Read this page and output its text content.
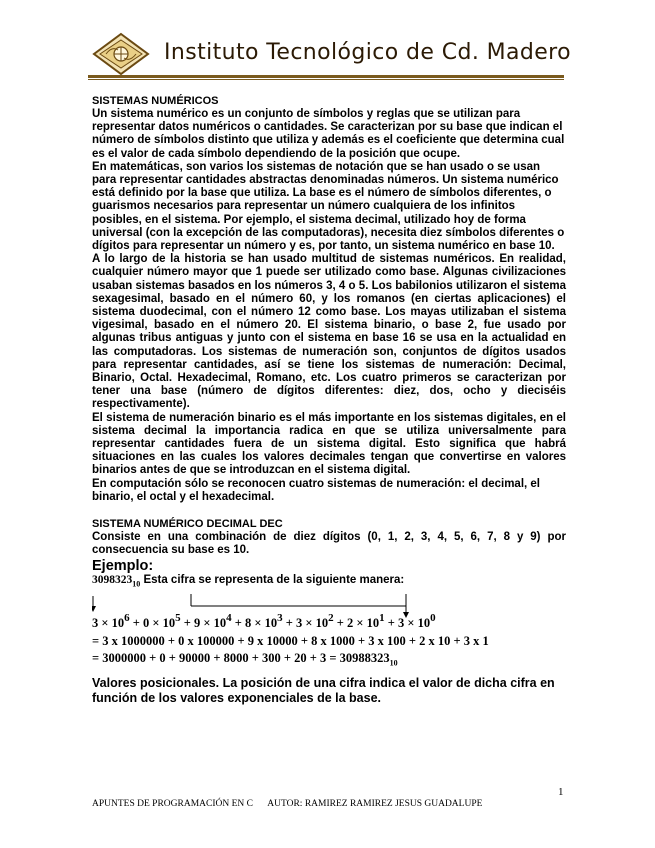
Instituto Tecnológico de Cd. Madero
SISTEMAS NUMÉRICOS
Un sistema numérico es un conjunto de símbolos y reglas que se utilizan para representar datos numéricos o cantidades. Se caracterizan por su base que indican el número de símbolos distinto que utiliza y además es el coeficiente que determina cual es el valor de cada símbolo dependiendo de la posición que ocupe.
En matemáticas, son varios los sistemas de notación que se han usado o se usan para representar cantidades abstractas denominadas números. Un sistema numérico está definido por la base que utiliza. La base es el número de símbolos diferentes, o guarismos necesarios para representar un número cualquiera de los infinitos posibles, en el sistema. Por ejemplo, el sistema decimal, utilizado hoy de forma universal (con la excepción de las computadoras), necesita diez símbolos diferentes o dígitos para representar un número y es, por tanto, un sistema numérico en base 10.
A lo largo de la historia se han usado multitud de sistemas numéricos. En realidad, cualquier número mayor que 1 puede ser utilizado como base. Algunas civilizaciones usaban sistemas basados en los números 3, 4 o 5. Los babilonios utilizaron el sistema sexagesimal, basado en el número 60, y los romanos (en ciertas aplicaciones) el sistema duodecimal, con el número 12 como base. Los mayas utilizaban el sistema vigesimal, basado en el número 20. El sistema binario, o base 2, fue usado por algunas tribus antiguas y junto con el sistema en base 16 se usa en la actualidad en las computadoras. Los sistemas de numeración son, conjuntos de dígitos usados para representar cantidades, así se tiene los sistemas de numeración: Decimal, Binario, Octal. Hexadecimal, Romano, etc. Los cuatro primeros se caracterizan por tener una base (número de dígitos diferentes: diez, dos, ocho y dieciséis respectivamente).
El sistema de numeración binario es el más importante en los sistemas digitales, en el sistema decimal la importancia radica en que se utiliza universalmente para representar cantidades fuera de un sistema digital. Esto significa que habrá situaciones en las cuales los valores decimales tengan que convertirse en valores binarios antes de que se introduzcan en el sistema digital.
En computación sólo se reconocen cuatro sistemas de numeración: el decimal, el binario, el octal y el hexadecimal.
SISTEMA NUMÉRICO DECIMAL DEC
Consiste en una combinación de diez dígitos (0, 1, 2, 3, 4, 5, 6, 7, 8 y 9) por consecuencia su base es 10.
Ejemplo:
$3098323_{10}$ Esta cifra se representa de la siguiente manera:
$3 \times 10^6 + 0 \times 10^5 + 9 \times 10^4 + 8 \times 10^3 + 3 \times 10^2 + 2 \times 10^1 + 3 \times 10^0$
= 3 x 1000000 + 0 x 100000 + 9 x 10000 + 8 x 1000 + 3 x 100 + 2 x 10 + 3 x 1
= $3000000 + 0 + 90000 + 8000 + 300 + 20 + 3 = 30988323_{10}$
Valores posicionales. La posición de una cifra indica el valor de dicha cifra en función de los valores exponenciales de la base.
1
APUNTES DE PROGRAMACIÓN EN C AUTOR: RAMIREZ RAMIREZ JESUS GUADALUPE
